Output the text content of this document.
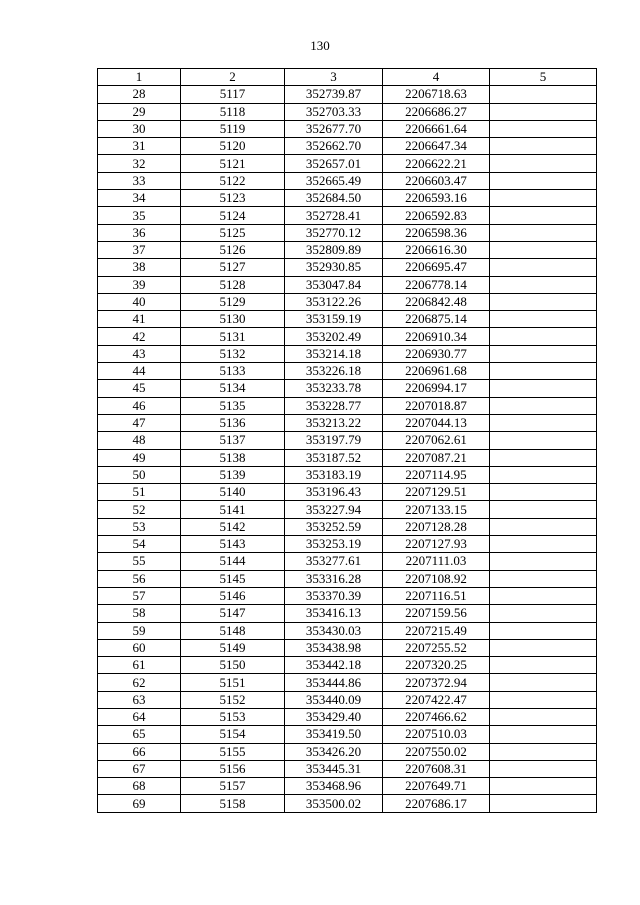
130
1	2	3	4	5
28	5117	352739.87	2206718.63	
29	5118	352703.33	2206686.27	
30	5119	352677.70	2206661.64	
31	5120	352662.70	2206647.34	
32	5121	352657.01	2206622.21	
33	5122	352665.49	2206603.47	
34	5123	352684.50	2206593.16	
35	5124	352728.41	2206592.83	
36	5125	352770.12	2206598.36	
37	5126	352809.89	2206616.30	
38	5127	352930.85	2206695.47	
39	5128	353047.84	2206778.14	
40	5129	353122.26	2206842.48	
41	5130	353159.19	2206875.14	
42	5131	353202.49	2206910.34	
43	5132	353214.18	2206930.77	
44	5133	353226.18	2206961.68	
45	5134	353233.78	2206994.17	
46	5135	353228.77	2207018.87	
47	5136	353213.22	2207044.13	
48	5137	353197.79	2207062.61	
49	5138	353187.52	2207087.21	
50	5139	353183.19	2207114.95	
51	5140	353196.43	2207129.51	
52	5141	353227.94	2207133.15	
53	5142	353252.59	2207128.28	
54	5143	353253.19	2207127.93	
55	5144	353277.61	2207111.03	
56	5145	353316.28	2207108.92	
57	5146	353370.39	2207116.51	
58	5147	353416.13	2207159.56	
59	5148	353430.03	2207215.49	
60	5149	353438.98	2207255.52	
61	5150	353442.18	2207320.25	
62	5151	353444.86	2207372.94	
63	5152	353440.09	2207422.47	
64	5153	353429.40	2207466.62	
65	5154	353419.50	2207510.03	
66	5155	353426.20	2207550.02	
67	5156	353445.31	2207608.31	
68	5157	353468.96	2207649.71	
69	5158	353500.02	2207686.17	
